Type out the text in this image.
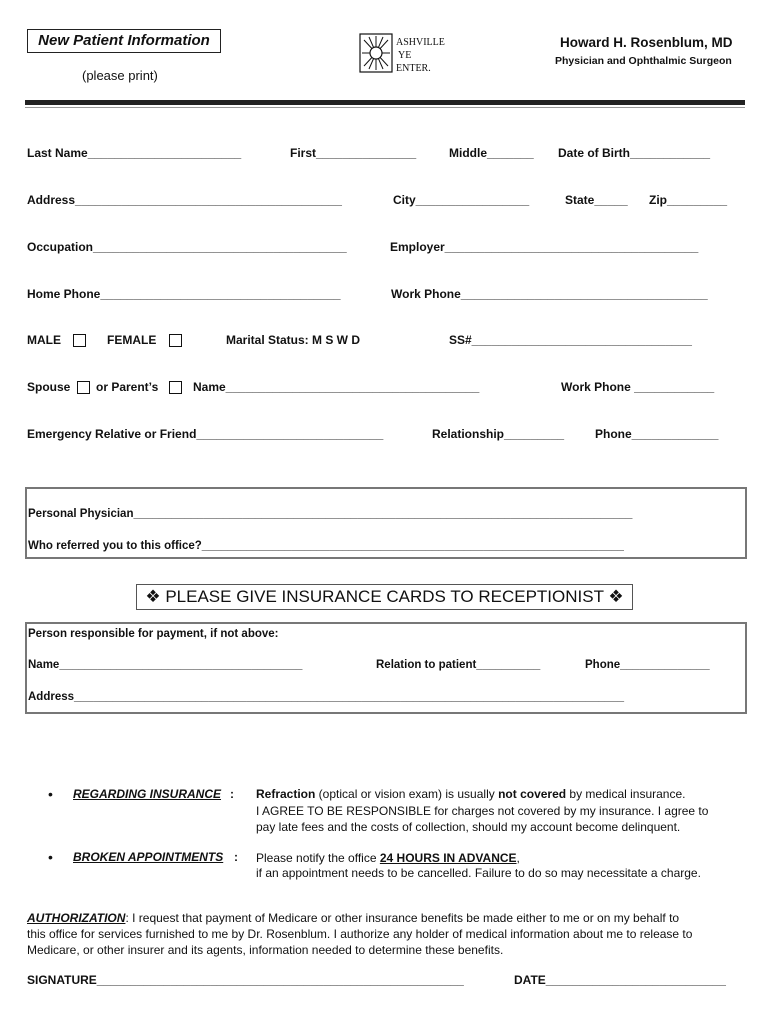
New Patient Information
(please print)
ASHVILLE
YE
ENTER.
Howard H. Rosenblum, MD
Physician and Ophthalmic Surgeon
Last Name_______________________	First_______________	Middle_______ Date of Birth____________
Address________________________________________	City_________________	State_____ Zip_________
Occupation______________________________________	Employer______________________________________
Home Phone____________________________________	Work Phone_____________________________________
MALE	FEMALE	Marital Status: M S W D	SS#_________________________________
Spouse or Parent’s	Name______________________________________	Work Phone ____________
Emergency Relative or Friend____________________________	Relationship_________	Phone_____________
Personal Physician______________________________________________________________________________
Who referred you to this office?__________________________________________________________________
❖ PLEASE GIVE INSURANCE CARDS TO RECEPTIONIST ❖
Person responsible for payment, if not above:
Name______________________________________	Relation to patient__________	Phone______________
Address______________________________________________________________________________________
• REGARDING INSURANCE : Refraction (optical or vision exam) is usually not covered by medical insurance.
I AGREE TO BE RESPONSIBLE for charges not covered by my insurance. I agree to
pay late fees and the costs of collection, should my account become delinquent.
• BROKEN APPOINTMENTS : Please notify the office 24 HOURS IN ADVANCE,
if an appointment needs to be cancelled. Failure to do so may necessitate a charge.
AUTHORIZATION: I request that payment of Medicare or other insurance benefits be made either to me or on my behalf to
this office for services furnished to me by Dr. Rosenblum. I authorize any holder of medical information about me to release to
Medicare, or other insurer and its agents, information needed to determine these benefits.
SIGNATURE_______________________________________________________	DATE___________________________
